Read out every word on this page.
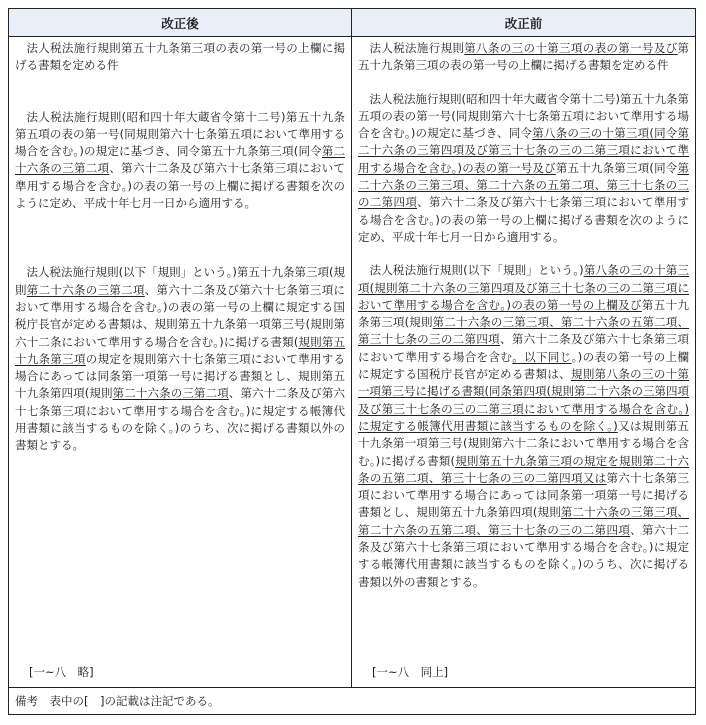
改正後	改正前

法人税法施行規則第五十九条第三項の表の第一号の上欄に掲げる書類を定める件

法人税法施行規則(昭和四十年大蔵省令第十二号)第五十九条第五項の表の第一号(同規則第六十七条第五項において準用する場合を含む。)の規定に基づき、同令第五十九条第三項(同令第二十六条の三第二項、第六十二条及び第六十七条第三項において準用する場合を含む。)の表の第一号の上欄に掲げる書類を次のように定め、平成十年七月一日から適用する。

法人税法施行規則(以下「規則」という。)第五十九条第三項(規則第二十六条の三第二項、第六十二条及び第六十七条第三項において準用する場合を含む。)の表の第一号の上欄に規定する国税庁長官が定める書類は、規則第五十九条第一項第三号(規則第六十二条において準用する場合を含む。)に掲げる書類(規則第五十九条第三項の規定を規則第六十七条第三項において準用する場合にあっては同条第一項第一号に掲げる書類とし、規則第五十九条第四項(規則第二十六条の三第二項、第六十二条及び第六十七条第三項において準用する場合を含む。)に規定する帳簿代用書類に該当するものを除く。)のうち、次に掲げる書類以外の書類とする。

[一~八　略]

法人税法施行規則第八条の三の十第三項の表の第一号及び第五十九条第三項の表の第一号の上欄に掲げる書類を定める件

法人税法施行規則(昭和四十年大蔵省令第十二号)第五十九条第五項の表の第一号(同規則第六十七条第五項において準用する場合を含む。)の規定に基づき、同令第八条の三の十第三項(同令第二十六条の三第四項及び第三十七条の三の二第三項において準用する場合を含む。)の表の第一号及び第五十九条第三項(同令第二十六条の三第三項、第二十六条の五第二項、第三十七条の三の二第四項、第六十二条及び第六十七条第三項において準用する場合を含む。)の表の第一号の上欄に掲げる書類を次のように定め、平成十年七月一日から適用する。

法人税法施行規則(以下「規則」という。)第八条の三の十第三項(規則第二十六条の三第四項及び第三十七条の三の二第三項において準用する場合を含む。)の表の第一号の上欄及び第五十九条第三項(規則第二十六条の三第三項、第二十六条の五第二項、第三十七条の三の二第四項、第六十二条及び第六十七条第三項において準用する場合を含む。以下同じ。)の表の第一号の上欄に規定する国税庁長官が定める書類は、規則第八条の三の十第一項第三号に掲げる書類(同条第四項(規則第二十六条の三第四項及び第三十七条の三の二第三項において準用する場合を含む。)に規定する帳簿代用書類に該当するものを除く。)又は規則第五十九条第一項第三号(規則第六十二条において準用する場合を含む。)に掲げる書類(規則第五十九条第三項の規定を規則第二十六条の五第二項、第三十七条の三の二第四項又は第六十七条第三項において準用する場合にあっては同条第一項第一号に掲げる書類とし、規則第五十九条第四項(規則第二十六条の三第三項、第二十六条の五第二項、第三十七条の三の二第四項、第六十二条及び第六十七条第三項において準用する場合を含む。)に規定する帳簿代用書類に該当するものを除く。)のうち、次に掲げる書類以外の書類とする。

[一~八　同上]
備考　表中の[　]の記載は注記である。
